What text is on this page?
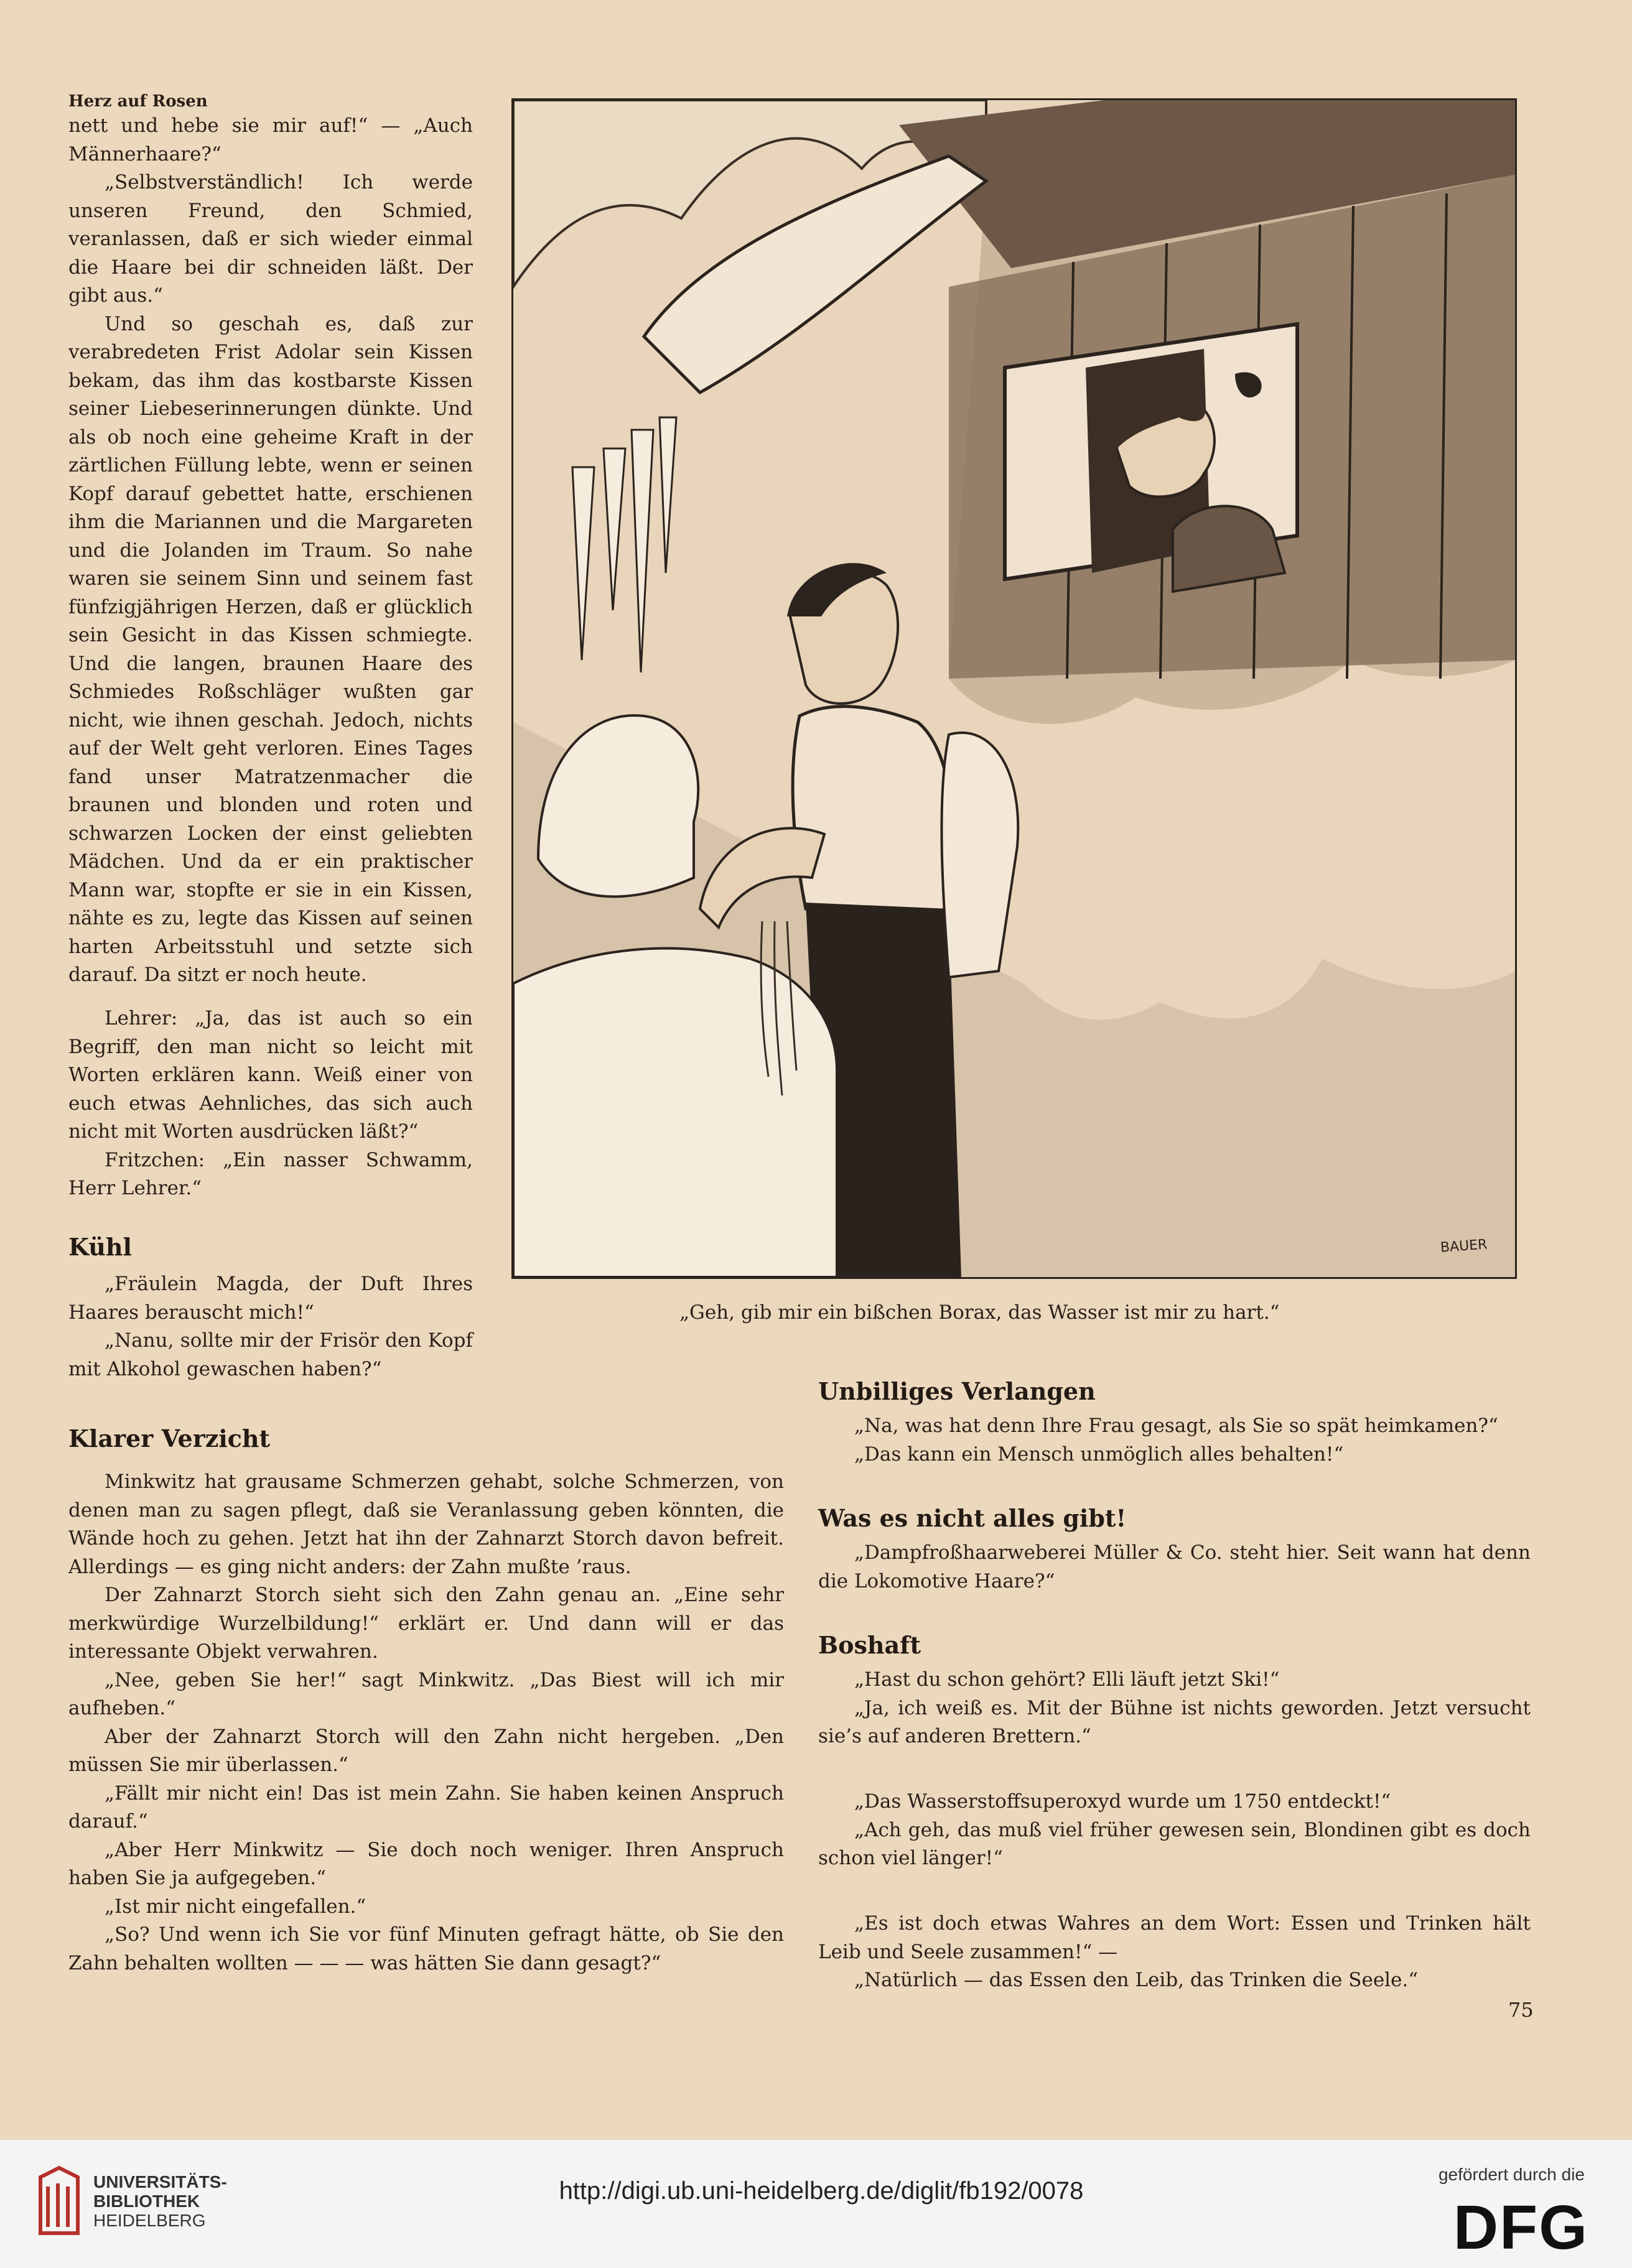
Herz auf Rosen

nett und hebe sie mir auf!“ — „Auch Männerhaare?“

„Selbstverständlich! Ich werde unseren Freund, den Schmied, veranlassen, daß er sich wieder einmal die Haare bei dir schneiden läßt. Der gibt aus.“

Und so geschah es, daß zur verabredeten Frist Adolar sein Kissen bekam, das ihm das kostbarste Kissen seiner Liebeserinnerungen dünkte. Und als ob noch eine geheime Kraft in der zärtlichen Füllung lebte, wenn er seinen Kopf darauf gebettet hatte, erschienen ihm die Mariannen und die Margareten und die Jolanden im Traum. So nahe waren sie seinem Sinn und seinem fast fünfzigjährigen Herzen, daß er glücklich sein Gesicht in das Kissen schmiegte. Und die langen, braunen Haare des Schmiedes Roßschläger wußten gar nicht, wie ihnen geschah. Jedoch, nichts auf der Welt geht verloren. Eines Tages fand unser Matratzenmacher die braunen und blonden und roten und schwarzen Locken der einst geliebten Mädchen. Und da er ein praktischer Mann war, stopfte er sie in ein Kissen, nähte es zu, legte das Kissen auf seinen harten Arbeitsstuhl und setzte sich darauf. Da sitzt er noch heute.

Lehrer: „Ja, das ist auch so ein Begriff, den man nicht so leicht mit Worten erklären kann. Weiß einer von euch etwas Aehnliches, das sich auch nicht mit Worten ausdrücken läßt?“

Fritzchen: „Ein nasser Schwamm, Herr Lehrer.“

Kühl

„Fräulein Magda, der Duft Ihres Haares berauscht mich!“

„Nanu, sollte mir der Frisör den Kopf mit Alkohol gewaschen haben?“

BAUER
„Geh, gib mir ein bißchen Borax, das Wasser ist mir zu hart.“
Klarer Verzicht

Minkwitz hat grausame Schmerzen gehabt, solche Schmerzen, von denen man zu sagen pflegt, daß sie Veranlassung geben könnten, die Wände hoch zu gehen. Jetzt hat ihn der Zahnarzt Storch davon befreit. Allerdings — es ging nicht anders: der Zahn mußte ’raus.

Der Zahnarzt Storch sieht sich den Zahn genau an. „Eine sehr merkwürdige Wurzelbildung!“ erklärt er. Und dann will er das interessante Objekt verwahren.

„Nee, geben Sie her!“ sagt Minkwitz. „Das Biest will ich mir aufheben.“

Aber der Zahnarzt Storch will den Zahn nicht hergeben. „Den müssen Sie mir überlassen.“

„Fällt mir nicht ein! Das ist mein Zahn. Sie haben keinen Anspruch darauf.“

„Aber Herr Minkwitz — Sie doch noch weniger. Ihren Anspruch haben Sie ja aufgegeben.“

„Ist mir nicht eingefallen.“

„So? Und wenn ich Sie vor fünf Minuten gefragt hätte, ob Sie den Zahn behalten wollten — — — was hätten Sie dann gesagt?“

Unbilliges Verlangen

„Na, was hat denn Ihre Frau gesagt, als Sie so spät heimkamen?“

„Das kann ein Mensch unmöglich alles behalten!“

Was es nicht alles gibt!

„Dampfroßhaarweberei Müller & Co. steht hier. Seit wann hat denn die Lokomotive Haare?“

Boshaft

„Hast du schon gehört? Elli läuft jetzt Ski!“

„Ja, ich weiß es. Mit der Bühne ist nichts geworden. Jetzt versucht sie’s auf anderen Brettern.“

„Das Wasserstoffsuperoxyd wurde um 1750 entdeckt!“

„Ach geh, das muß viel früher gewesen sein, Blondinen gibt es doch schon viel länger!“

„Es ist doch etwas Wahres an dem Wort: Essen und Trinken hält Leib und Seele zusammen!“ —

„Natürlich — das Essen den Leib, das Trinken die Seele.“

75
UNIVERSITÄTS-
BIBLIOTHEK
HEIDELBERG
http://digi.ub.uni-heidelberg.de/diglit/fb192/0078
gefördert durch die
DFG
